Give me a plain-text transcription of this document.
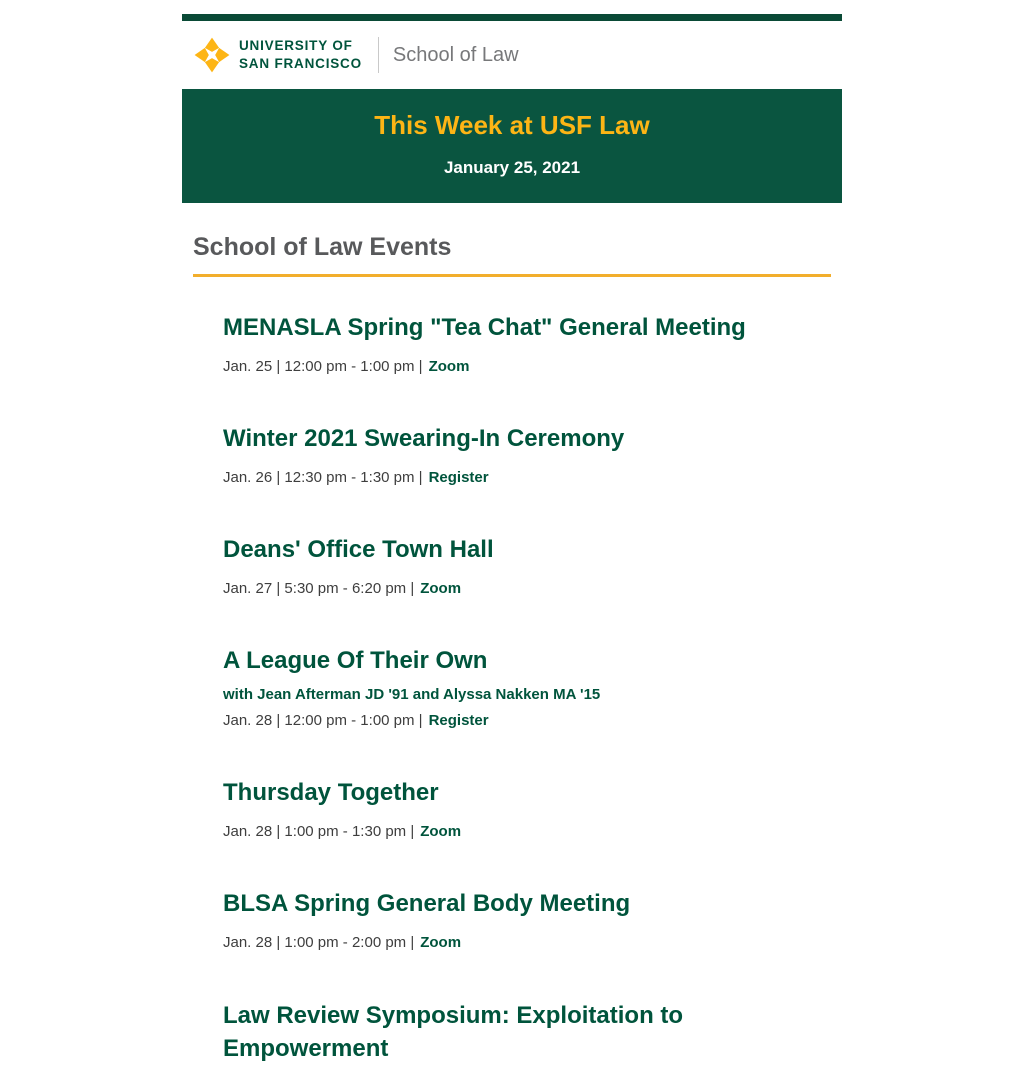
UNIVERSITY OF
SAN FRANCISCO School of Law
This Week at USF Law
January 25, 2021
School of Law Events
MENASLA Spring "Tea Chat" General Meeting
Jan. 25 | 12:00 pm - 1:00 pm | Zoom
Winter 2021 Swearing-In Ceremony
Jan. 26 | 12:30 pm - 1:30 pm | Register
Deans' Office Town Hall
Jan. 27 | 5:30 pm - 6:20 pm | Zoom
A League Of Their Own
with Jean Afterman JD '91 and Alyssa Nakken MA '15
Jan. 28 | 12:00 pm - 1:00 pm | Register
Thursday Together
Jan. 28 | 1:00 pm - 1:30 pm | Zoom
BLSA Spring General Body Meeting
Jan. 28 | 1:00 pm - 2:00 pm | Zoom
Law Review Symposium: Exploitation to Empowerment
